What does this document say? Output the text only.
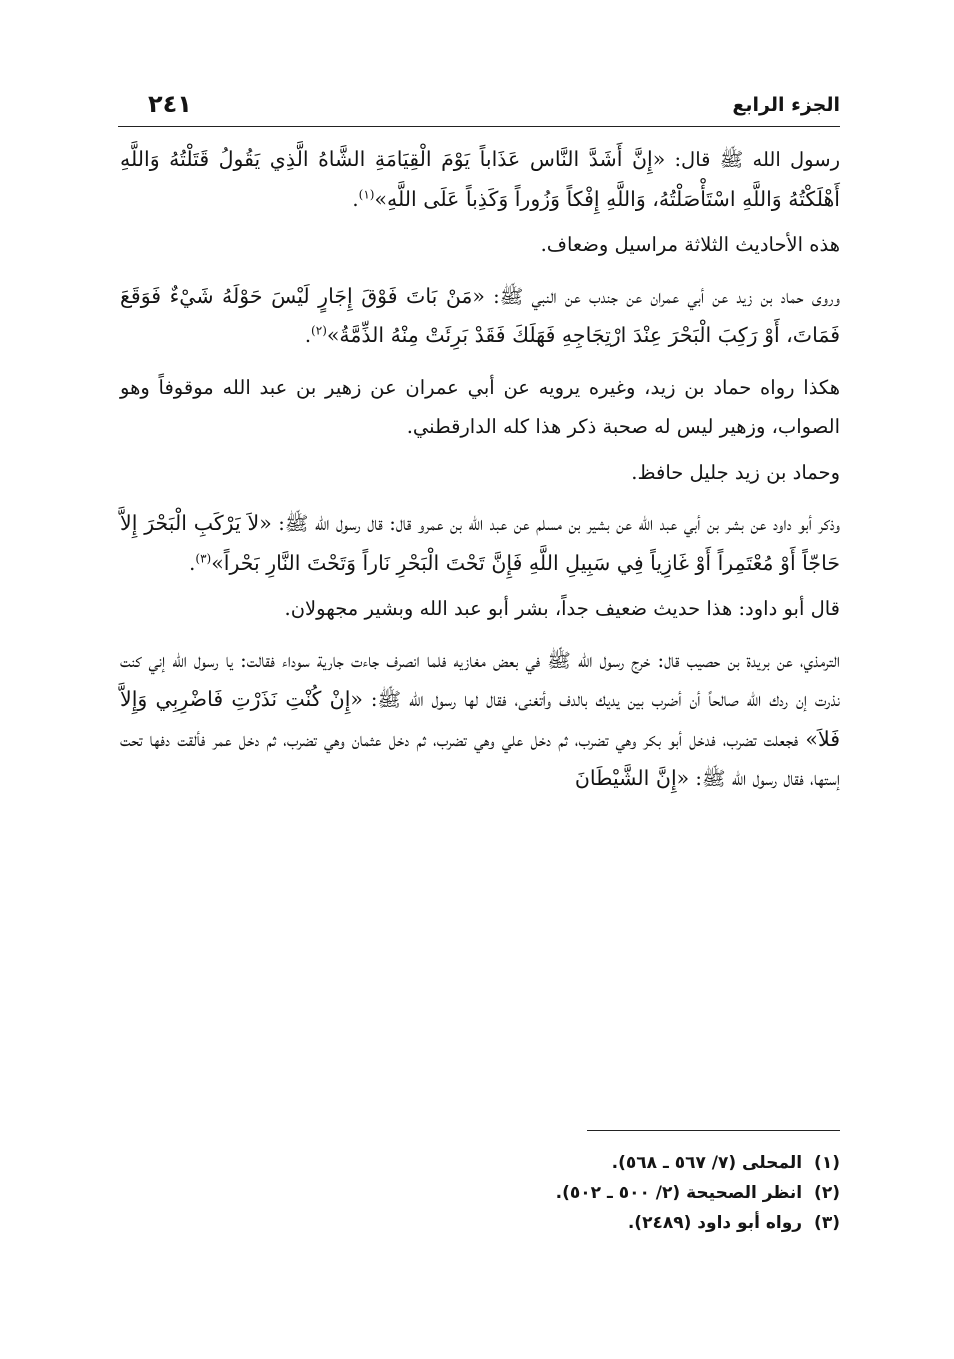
الجزء الرابع
٢٤١

رسول الله ﷺ قال: «إِنَّ أَشَدَّ النَّاس عَذَاباً يَوْمَ الْقِيَامَةِ الشَّاهُ الَّذِي يَقُولُ قَتَلْتُهُ وَاللَّهِ أَهْلَكْتُهُ وَاللَّهِ اسْتَأْصَلْتُهُ، وَاللَّهِ إِفْكاً وَزُوراً وَكَذِباً عَلَى اللَّهِ»$^{(١)}$.

هذه الأحاديث الثلاثة مراسيل وضعاف.

وروى حماد بن زيد عن أبي عمران عن جندب عن النبي ﷺ: «مَنْ بَاتَ فَوْقَ إِجَارٍ لَيْسَ حَوْلَهُ شَيْءٌ فَوَقَعَ فَمَاتَ، أَوْ رَكِبَ الْبَحْرَ عِنْدَ ارْتِجَاجِهِ فَهَلَكَ فَقَدْ بَرِئَتْ مِنْهُ الذِّمَّةُ»$^{(٢)}$.

هكذا رواه حماد بن زيد، وغيره يرويه عن أبي عمران عن زهير بن عبد الله موقوفاً وهو الصواب، وزهير ليس له صحبة ذكر هذا كله الدارقطني.

وحماد بن زيد جليل حافظ.

وذكر أبو داود عن بشر بن أبي عبد الله عن بشير بن مسلم عن عبد الله بن عمرو قال: قال رسول الله ﷺ: «لاَ يَرْكَبِ الْبَحْرَ إِلاَّ حَاجّاً أَوْ مُعْتَمِراً أَوْ غَازِياً فِي سَبِيلِ اللَّهِ فَإِنَّ تَحْتَ الْبَحْرِ نَاراً وَتَحْتَ النَّارِ بَحْراً»$^{(٣)}$.

قال أبو داود: هذا حديث ضعيف جداً، بشر أبو عبد الله وبشير مجهولان.

الترمذي، عن بريدة بن حصيب قال: خرج رسول الله ﷺ في بعض مغازيه فلما انصرف جاءت جارية سوداء فقالت: يا رسول الله إني كنت نذرت إن ردك الله صالحاً أن أضرب بين يديك بالدف وأتغنى، فقال لها رسول الله ﷺ: «إِنْ كُنْتِ نَذَرْتِ فَاضْرِبِي وَإِلاَّ فَلاَ» فجعلت تضرب، فدخل أبو بكر وهي تضرب، ثم دخل علي وهي تضرب، ثم دخل عثمان وهي تضرب، ثم دخل عمر فألقت دفها تحت إستها، فقال رسول الله ﷺ: «إِنَّ الشَّيْطَانَ

(١)المحلى (٧/ ٥٦٧ ـ ٥٦٨).

(٢)انظر الصحيحة (٢/ ٥٠٠ ـ ٥٠٢).

(٣)رواه أبو داود (٢٤٨٩).
